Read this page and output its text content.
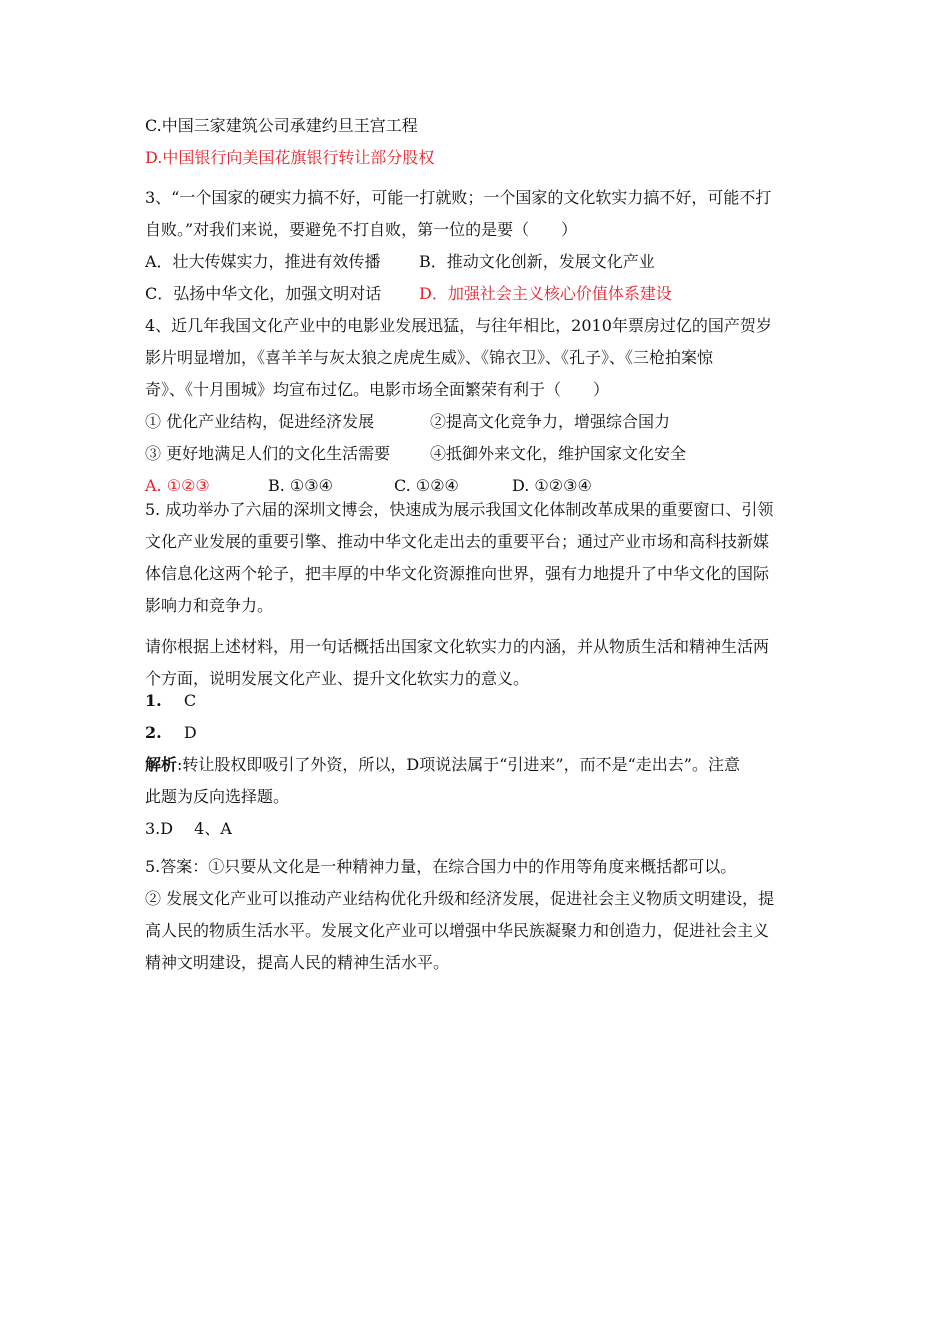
C.中国三家建筑公司承建约旦王宫工程
D.中国银行向美国花旗银行转让部分股权
3、“一个国家的硬实力搞不好，可能一打就败；一个国家的文化软实力搞不好，可能不打
自败。”对我们来说，要避免不打自败，第一位的是要（　　）
A．壮大传媒实力，推进有效传播 B．推动文化创新，发展文化产业
C．弘扬中华文化，加强文明对话 D．加强社会主义核心价值体系建设
4、近几年我国文化产业中的电影业发展迅猛，与往年相比，2010年票房过亿的国产贺岁
影片明显增加，《喜羊羊与灰太狼之虎虎生威》、《锦衣卫》、《孔子》、《三枪拍案惊
奇》、《十月围城》均宣布过亿。电影市场全面繁荣有利于（　　）
① 优化产业结构，促进经济发展	②提高文化竞争力，增强综合国力
③ 更好地满足人们的文化生活需要 ④抵御外来文化，维护国家文化安全
A. ①②③	B. ①③④	C. ①②④	D. ①②③④
5. 成功举办了六届的深圳文博会，快速成为展示我国文化体制改革成果的重要窗口、引领
文化产业发展的重要引擎、推动中华文化走出去的重要平台；通过产业市场和高科技新媒
体信息化这两个轮子，把丰厚的中华文化资源推向世界，强有力地提升了中华文化的国际
影响力和竞争力。
请你根据上述材料，用一句话概括出国家文化软实力的内涵，并从物质生活和精神生活两
个方面，说明发展文化产业、提升文化软实力的意义。
1. C
2. D
解析:转让股权即吸引了外资，所以，D项说法属于“引进来”，而不是“走出去”。注意
此题为反向选择题。
3.D　 4、A
5.答案：①只要从文化是一种精神力量，在综合国力中的作用等角度来概括都可以。
② 发展文化产业可以推动产业结构优化升级和经济发展，促进社会主义物质文明建设，提
高人民的物质生活水平。发展文化产业可以增强中华民族凝聚力和创造力，促进社会主义
精神文明建设，提高人民的精神生活水平。
